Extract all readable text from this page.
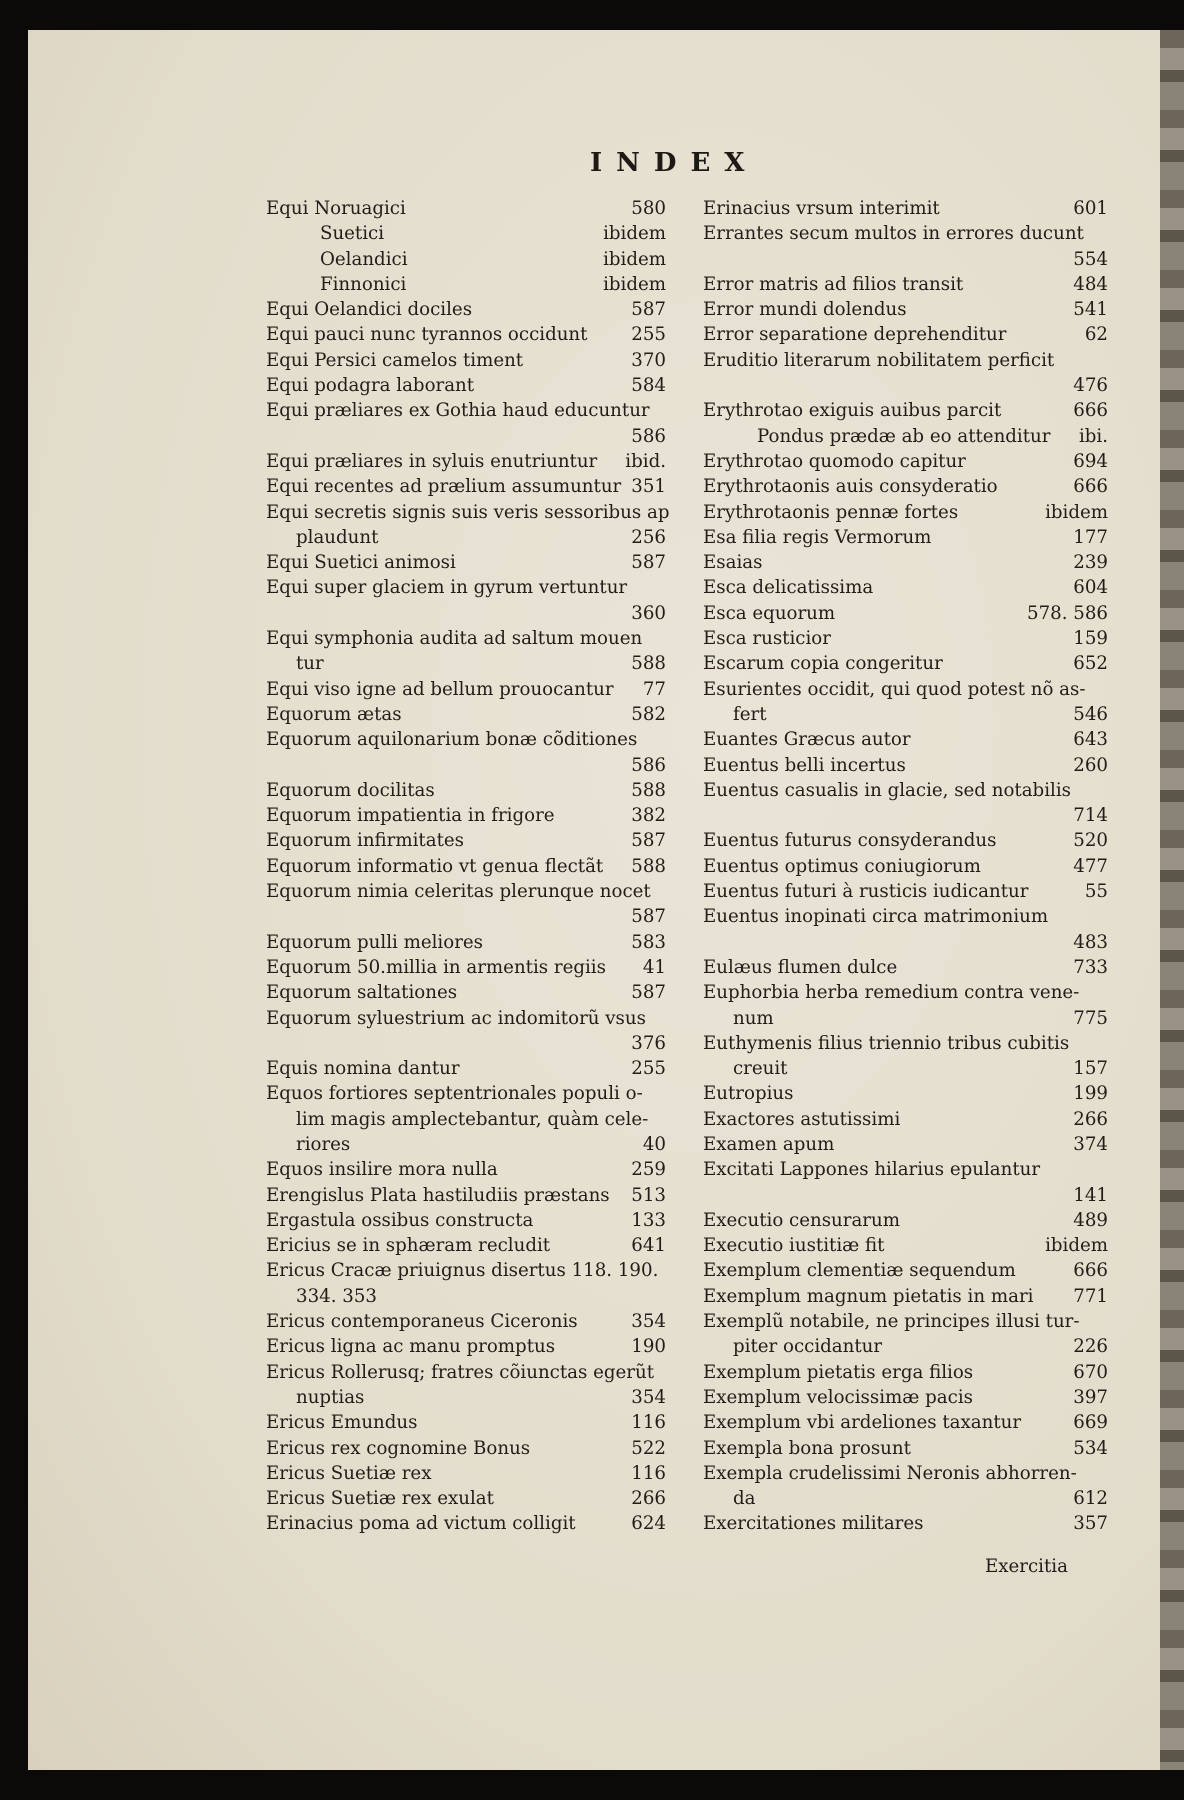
INDEX
Equi Noruagici	580
Suetici	ibidem
Oelandici	ibidem
Finnonici	ibidem
Equi Oelandici dociles	587
Equi pauci nunc tyrannos occidunt 255
Equi Persici camelos timent	370
Equi podagra laborant	584
Equi præliares ex Gothia haud educuntur
586
Equi præliares in syluis enutriuntur ibid.
Equi recentes ad prælium assumuntur 351
Equi secretis signis suis veris sessoribus ap
plaudunt	256
Equi Suetici animosi	587
Equi super glaciem in gyrum vertuntur
360
Equi symphonia audita ad saltum mouen
tur	588
Equi viso igne ad bellum prouocantur 77
Equorum ætas	582
Equorum aquilonarium bonæ cõditiones
586
Equorum docilitas	588
Equorum impatientia in frigore	382
Equorum infirmitates	587
Equorum informatio vt genua flectãt 588
Equorum nimia celeritas plerunque nocet
587
Equorum pulli meliores	583
Equorum 50.millia in armentis regiis 41
Equorum saltationes	587
Equorum syluestrium ac indomitorũ vsus
376
Equis nomina dantur	255
Equos fortiores septentrionales populi o-
lim magis amplectebantur, quàm cele-
riores	40
Equos insilire mora nulla	259
Erengislus Plata hastiludiis præstans 513
Ergastula ossibus constructa	133
Ericius se in sphæram recludit	641
Ericus Cracæ priuignus disertus 118. 190.
334. 353
Ericus contemporaneus Ciceronis	354
Ericus ligna ac manu promptus	190
Ericus Rollerusq; fratres cõiunctas egerũt
nuptias	354
Ericus Emundus	116
Ericus rex cognomine Bonus	522
Ericus Suetiæ rex	116
Ericus Suetiæ rex exulat	266
Erinacius poma ad victum colligit	624
Erinacius vrsum interimit	601
Errantes secum multos in errores ducunt
554
Error matris ad filios transit	484
Error mundi dolendus	541
Error separatione deprehenditur	62
Eruditio literarum nobilitatem perficit
476
Erythrotao exiguis auibus parcit	666
Pondus prædæ ab eo attenditur ibi.
Erythrotao quomodo capitur	694
Erythrotaonis auis consyderatio	666
Erythrotaonis pennæ fortes	ibidem
Esa filia regis Vermorum	177
Esaias	239
Esca delicatissima	604
Esca equorum	578. 586
Esca rusticior	159
Escarum copia congeritur	652
Esurientes occidit, qui quod potest nõ as-
fert	546
Euantes Græcus autor	643
Euentus belli incertus	260
Euentus casualis in glacie, sed notabilis
714
Euentus futurus consyderandus	520
Euentus optimus coniugiorum	477
Euentus futuri à rusticis iudicantur	55
Euentus inopinati circa matrimonium
483
Eulæus flumen dulce	733
Euphorbia herba remedium contra vene-
num	775
Euthymenis filius triennio tribus cubitis
creuit	157
Eutropius	199
Exactores astutissimi	266
Examen apum	374
Excitati Lappones hilarius epulantur
141
Executio censurarum	489
Executio iustitiæ fit	ibidem
Exemplum clementiæ sequendum	666
Exemplum magnum pietatis in mari 771
Exemplũ notabile, ne principes illusi tur-
piter occidantur	226
Exemplum pietatis erga filios	670
Exemplum velocissimæ pacis	397
Exemplum vbi ardeliones taxantur	669
Exempla bona prosunt	534
Exempla crudelissimi Neronis abhorren-
da	612
Exercitationes militares	357
Exercitia
